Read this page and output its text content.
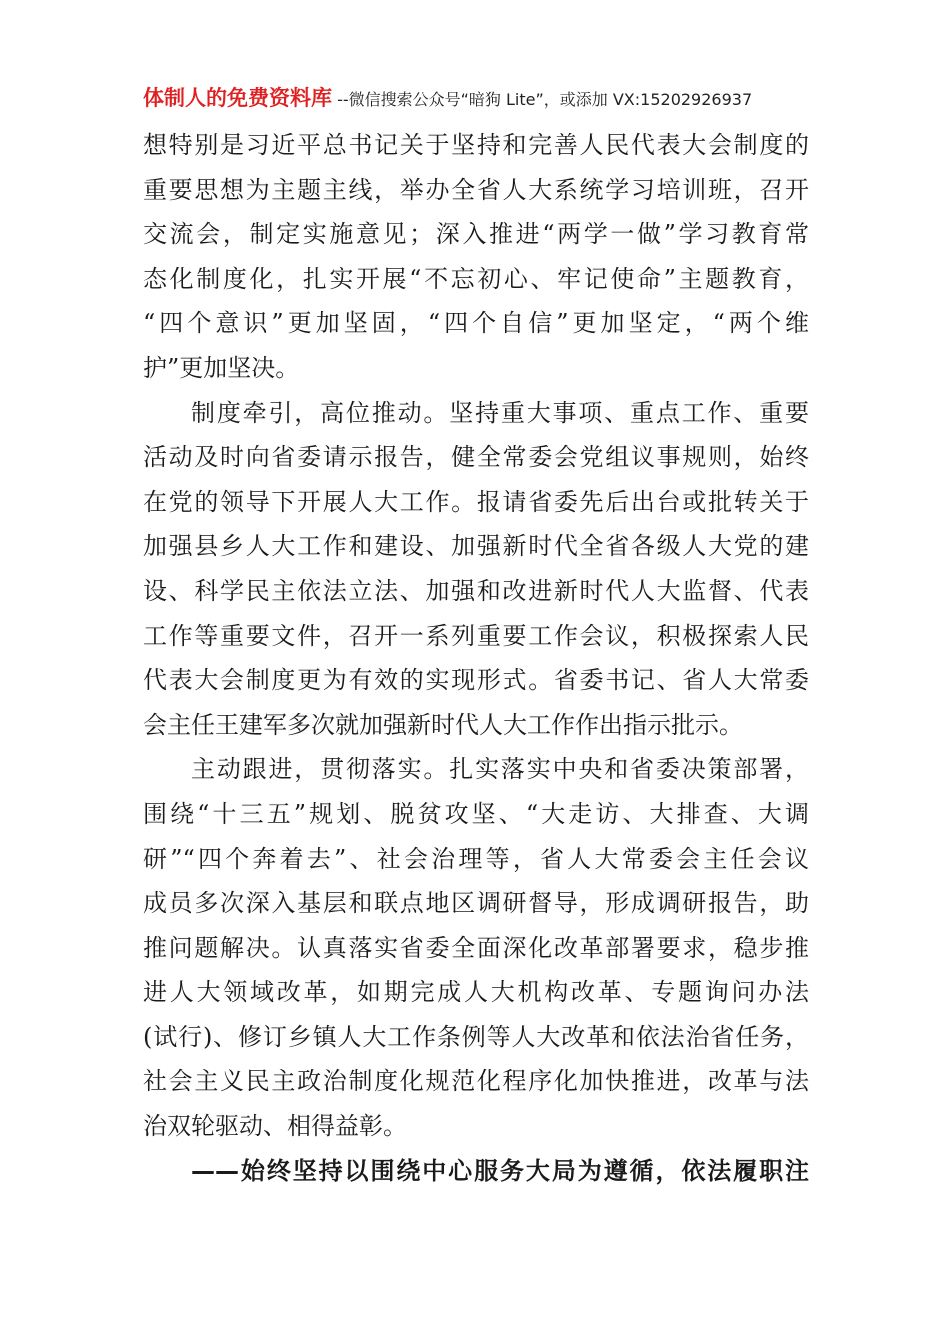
体制人的免费资料库 --微信搜索公众号“暗狗 Lite”，或添加 VX:15202926937
想特别是习近平总书记关于坚持和完善人民代表大会制度的
重要思想为主题主线，举办全省人大系统学习培训班，召开
交流会，制定实施意见；深入推进“两学一做”学习教育常
态化制度化，扎实开展“不忘初心、牢记使命”主题教育，
“四个意识”更加坚固，“四个自信”更加坚定，“两个维
护”更加坚决。
制度牵引，高位推动。坚持重大事项、重点工作、重要
活动及时向省委请示报告，健全常委会党组议事规则，始终
在党的领导下开展人大工作。报请省委先后出台或批转关于
加强县乡人大工作和建设、加强新时代全省各级人大党的建
设、科学民主依法立法、加强和改进新时代人大监督、代表
工作等重要文件，召开一系列重要工作会议，积极探索人民
代表大会制度更为有效的实现形式。省委书记、省人大常委
会主任王建军多次就加强新时代人大工作作出指示批示。
主动跟进，贯彻落实。扎实落实中央和省委决策部署，
围绕“十三五”规划、脱贫攻坚、“大走访、大排查、大调
研”“四个奔着去”、社会治理等，省人大常委会主任会议
成员多次深入基层和联点地区调研督导，形成调研报告，助
推问题解决。认真落实省委全面深化改革部署要求，稳步推
进人大领域改革，如期完成人大机构改革、专题询问办法
(试行)、修订乡镇人大工作条例等人大改革和依法治省任务，
社会主义民主政治制度化规范化程序化加快推进，改革与法
治双轮驱动、相得益彰。
——始终坚持以围绕中心服务大局为遵循，依法履职注
